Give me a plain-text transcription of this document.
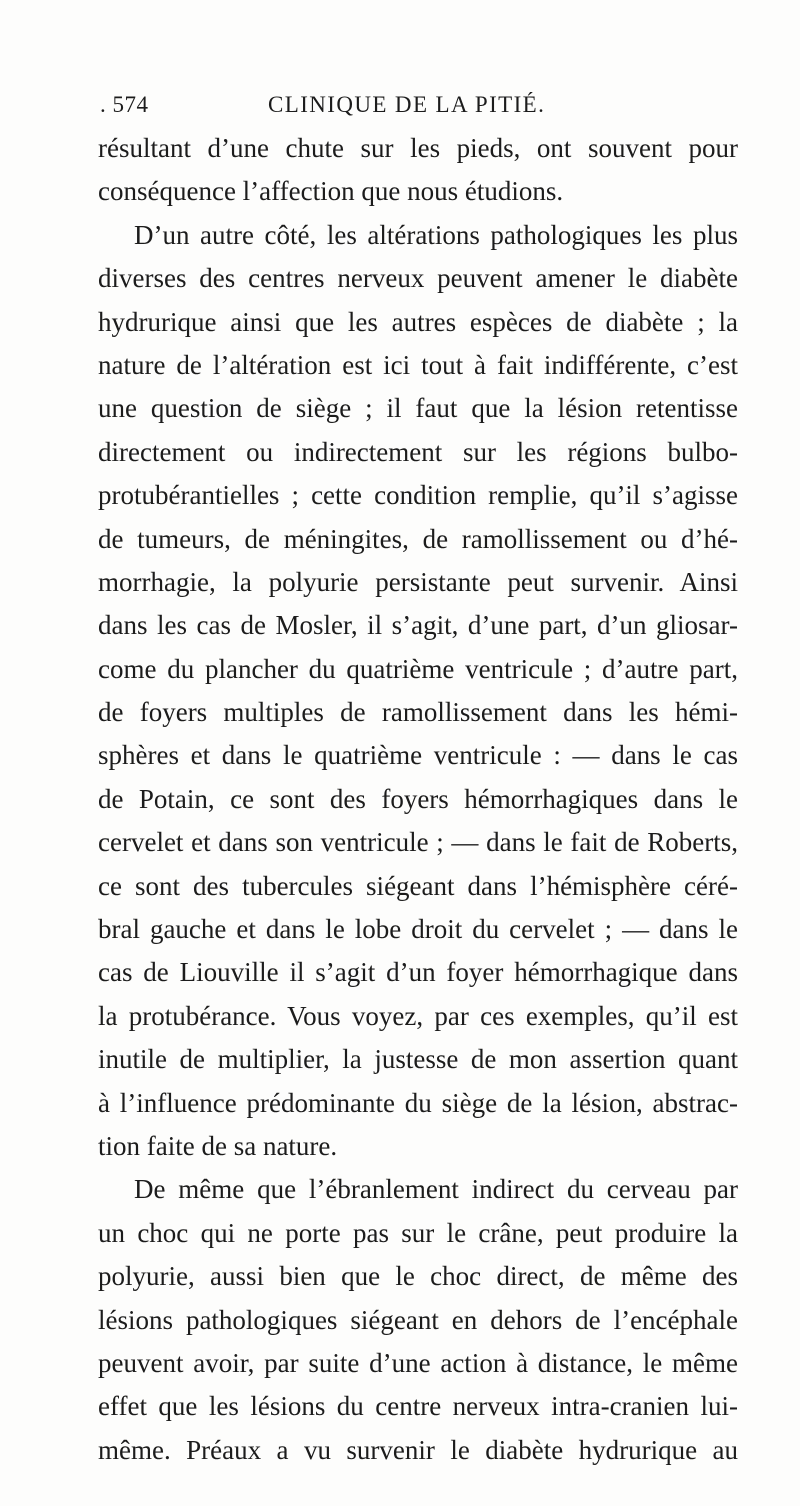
. 574	CLINIQUE DE LA PITIÉ.
résultant d’une chute sur les pieds, ont souvent pour
conséquence l’affection que nous étudions.
D’un autre côté, les altérations pathologiques les plus
diverses des centres nerveux peuvent amener le diabète
hydrurique ainsi que les autres espèces de diabète ; la
nature de l’altération est ici tout à fait indifférente, c’est
une question de siège ; il faut que la lésion retentisse
directement ou indirectement sur les régions bulbo-
protubérantielles ; cette condition remplie, qu’il s’agisse
de tumeurs, de méningites, de ramollissement ou d’hé-
morrhagie, la polyurie persistante peut survenir. Ainsi
dans les cas de Mosler, il s’agit, d’une part, d’un gliosar-
come du plancher du quatrième ventricule ; d’autre part,
de foyers multiples de ramollissement dans les hémi-
sphères et dans le quatrième ventricule : — dans le cas
de Potain, ce sont des foyers hémorrhagiques dans le
cervelet et dans son ventricule ; — dans le fait de Roberts,
ce sont des tubercules siégeant dans l’hémisphère céré-
bral gauche et dans le lobe droit du cervelet ; — dans le
cas de Liouville il s’agit d’un foyer hémorrhagique dans
la protubérance. Vous voyez, par ces exemples, qu’il est
inutile de multiplier, la justesse de mon assertion quant
à l’influence prédominante du siège de la lésion, abstrac-
tion faite de sa nature.
De même que l’ébranlement indirect du cerveau par
un choc qui ne porte pas sur le crâne, peut produire la
polyurie, aussi bien que le choc direct, de même des
lésions pathologiques siégeant en dehors de l’encéphale
peuvent avoir, par suite d’une action à distance, le même
effet que les lésions du centre nerveux intra-cranien lui-
même. Préaux a vu survenir le diabète hydrurique au
